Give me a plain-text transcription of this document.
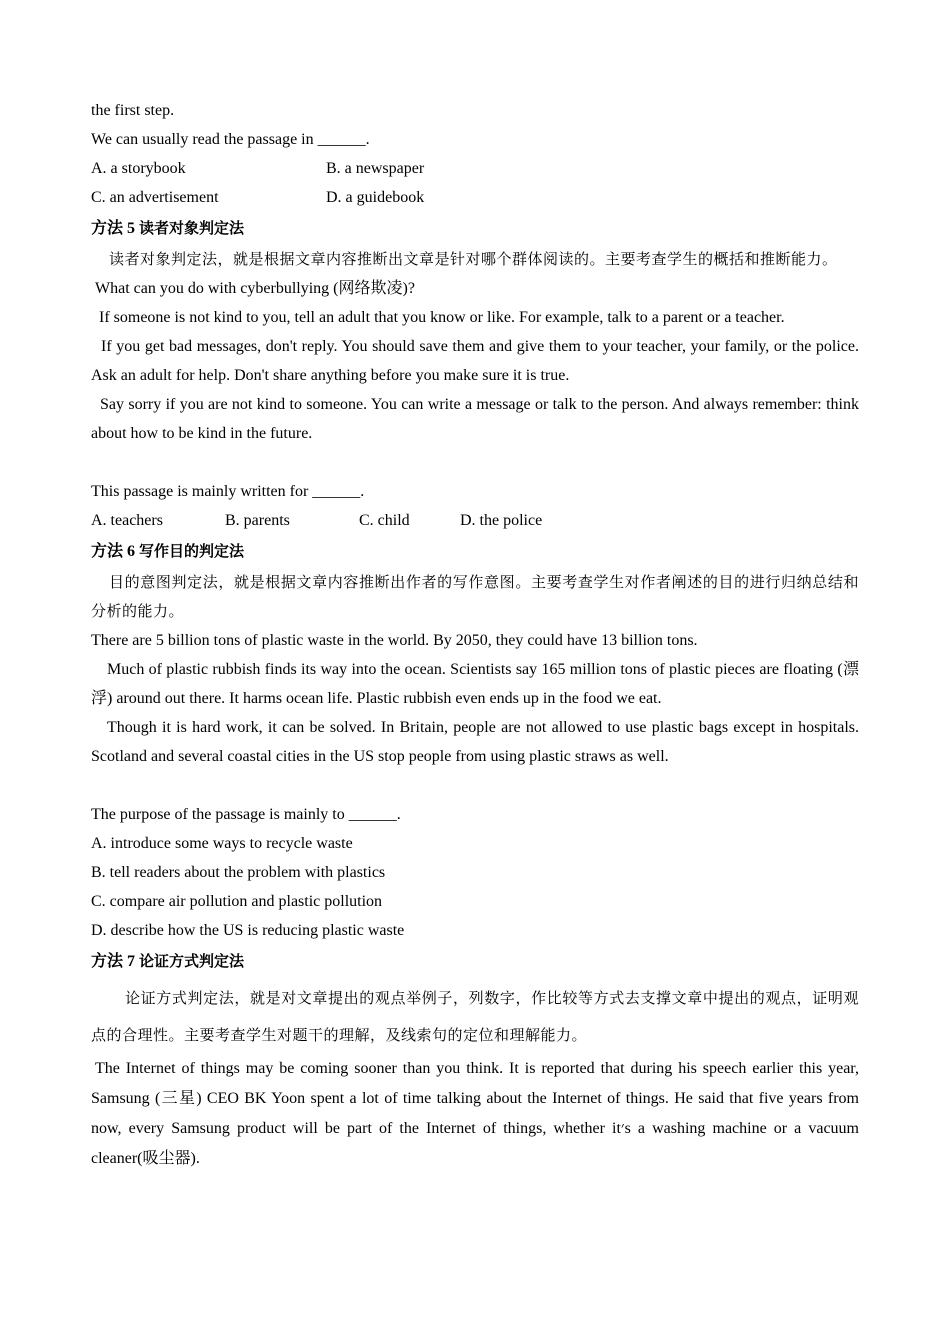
the first step.
We can usually read the passage in ______.
A. a storybook	B. a newspaper
C. an advertisement	D. a guidebook
方法 5 读者对象判定法
读者对象判定法，就是根据文章内容推断出文章是针对哪个群体阅读的。主要考查学生的概括和推断能力。
What can you do with cyberbullying (网络欺凌)?
If someone is not kind to you, tell an adult that you know or like. For example, talk to a parent or a teacher.
If you get bad messages, don't reply. You should save them and give them to your teacher, your family, or the police. Ask an adult for help. Don't share anything before you make sure it is true.
Say sorry if you are not kind to someone. You can write a message or talk to the person. And always remember: think about how to be kind in the future.
This passage is mainly written for ______.
A. teachers	B. parents	C. child	D. the police
方法 6 写作目的判定法
目的意图判定法，就是根据文章内容推断出作者的写作意图。主要考查学生对作者阐述的目的进行归纳总结和分析的能力。
There are 5 billion tons of plastic waste in the world. By 2050, they could have 13 billion tons.
Much of plastic rubbish finds its way into the ocean. Scientists say 165 million tons of plastic pieces are floating (漂浮) around out there. It harms ocean life. Plastic rubbish even ends up in the food we eat.
Though it is hard work, it can be solved. In Britain, people are not allowed to use plastic bags except in hospitals. Scotland and several coastal cities in the US stop people from using plastic straws as well.
The purpose of the passage is mainly to ______.
A. introduce some ways to recycle waste
B. tell readers about the problem with plastics
C. compare air pollution and plastic pollution
D. describe how the US is reducing plastic waste
方法 7 论证方式判定法
论证方式判定法，就是对文章提出的观点举例子，列数字，作比较等方式去支撑文章中提出的观点，证明观点的合理性。主要考查学生对题干的理解，及线索句的定位和理解能力。
The Internet of things may be coming sooner than you think. It is reported that during his speech earlier this year, Samsung (三星) CEO BK Yoon spent a lot of time talking about the Internet of things. He said that five years from now, every Samsung product will be part of the Internet of things, whether it׳s a washing machine or a vacuum cleaner(吸尘器).
